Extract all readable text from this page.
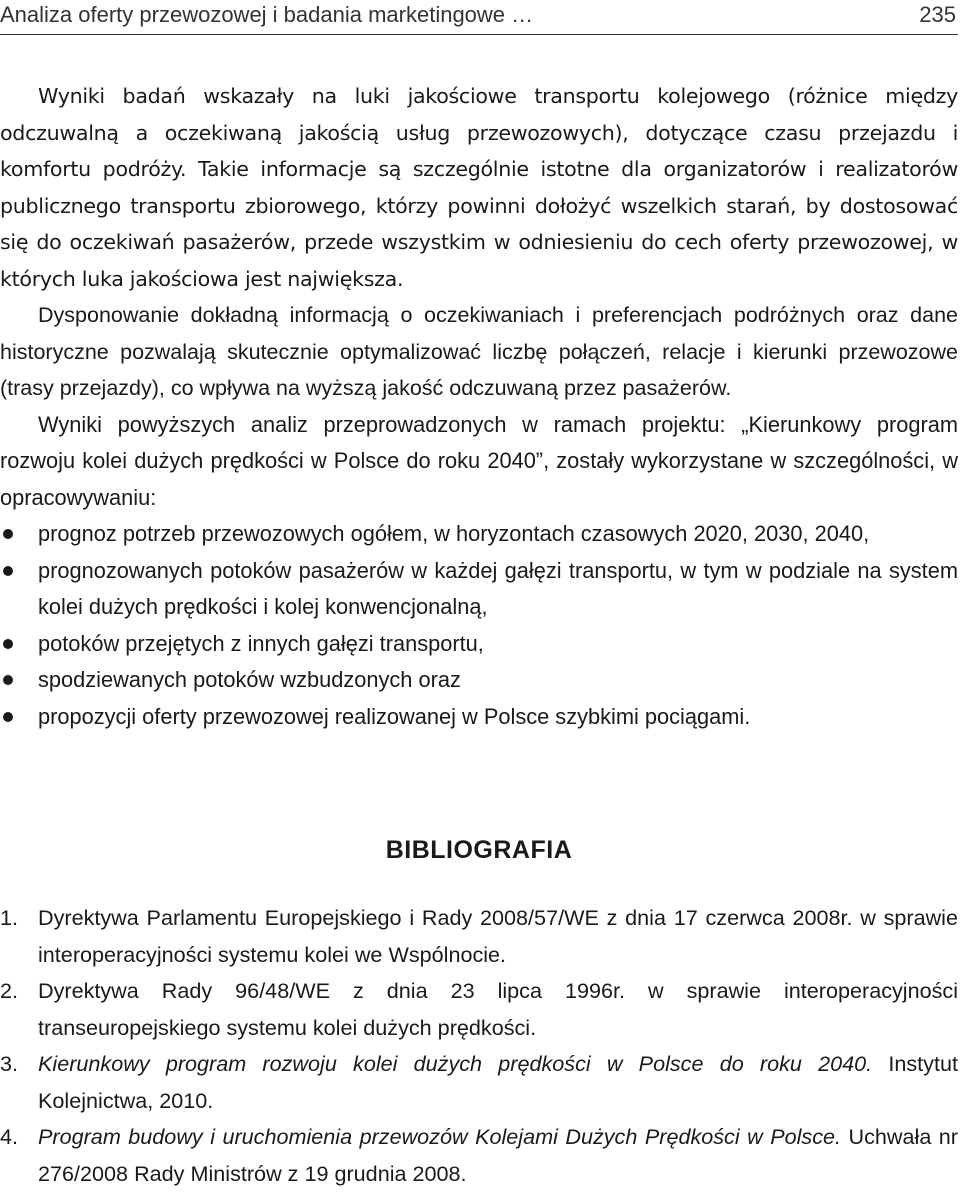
Analiza oferty przewozowej i badania marketingowe …	235

Wyniki badań wskazały na luki jakościowe transportu kolejowego (różnice między odczuwalną a oczekiwaną jakością usług przewozowych), dotyczące czasu przejazdu i komfortu podróży. Takie informacje są szczególnie istotne dla organizatorów i realizatorów publicznego transportu zbiorowego, którzy powinni dołożyć wszelkich starań, by dostosować się do oczekiwań pasażerów, przede wszystkim w odniesieniu do cech oferty przewozowej, w których luka jakościowa jest największa.

Dysponowanie dokładną informacją o oczekiwaniach i preferencjach podróżnych oraz dane historyczne pozwalają skutecznie optymalizować liczbę połączeń, relacje i kierunki przewozowe (trasy przejazdy), co wpływa na wyższą jakość odczuwaną przez pasażerów.

Wyniki powyższych analiz przeprowadzonych w ramach projektu: „Kierunkowy program rozwoju kolei dużych prędkości w Polsce do roku 2040”, zostały wykorzystane w szczególności, w opracowywaniu:

prognoz potrzeb przewozowych ogółem, w horyzontach czasowych 2020, 2030, 2040,
prognozowanych potoków pasażerów w każdej gałęzi transportu, w tym w podziale na system kolei dużych prędkości i kolej konwencjonalną,
potoków przejętych z innych gałęzi transportu,
spodziewanych potoków wzbudzonych oraz
propozycji oferty przewozowej realizowanej w Polsce szybkimi pociągami.
BIBLIOGRAFIA
1. Dyrektywa Parlamentu Europejskiego i Rady 2008/57/WE z dnia 17 czerwca 2008r. w sprawie interoperacyjności systemu kolei we Wspólnocie.
2. Dyrektywa Rady 96/48/WE z dnia 23 lipca 1996r. w sprawie interoperacyjności transeuropejskiego systemu kolei dużych prędkości.
3. Kierunkowy program rozwoju kolei dużych prędkości w Polsce do roku 2040. Instytut Kolejnictwa, 2010.
4. Program budowy i uruchomienia przewozów Kolejami Dużych Prędkości w Polsce. Uchwała nr 276/2008 Rady Ministrów z 19 grudnia 2008.
